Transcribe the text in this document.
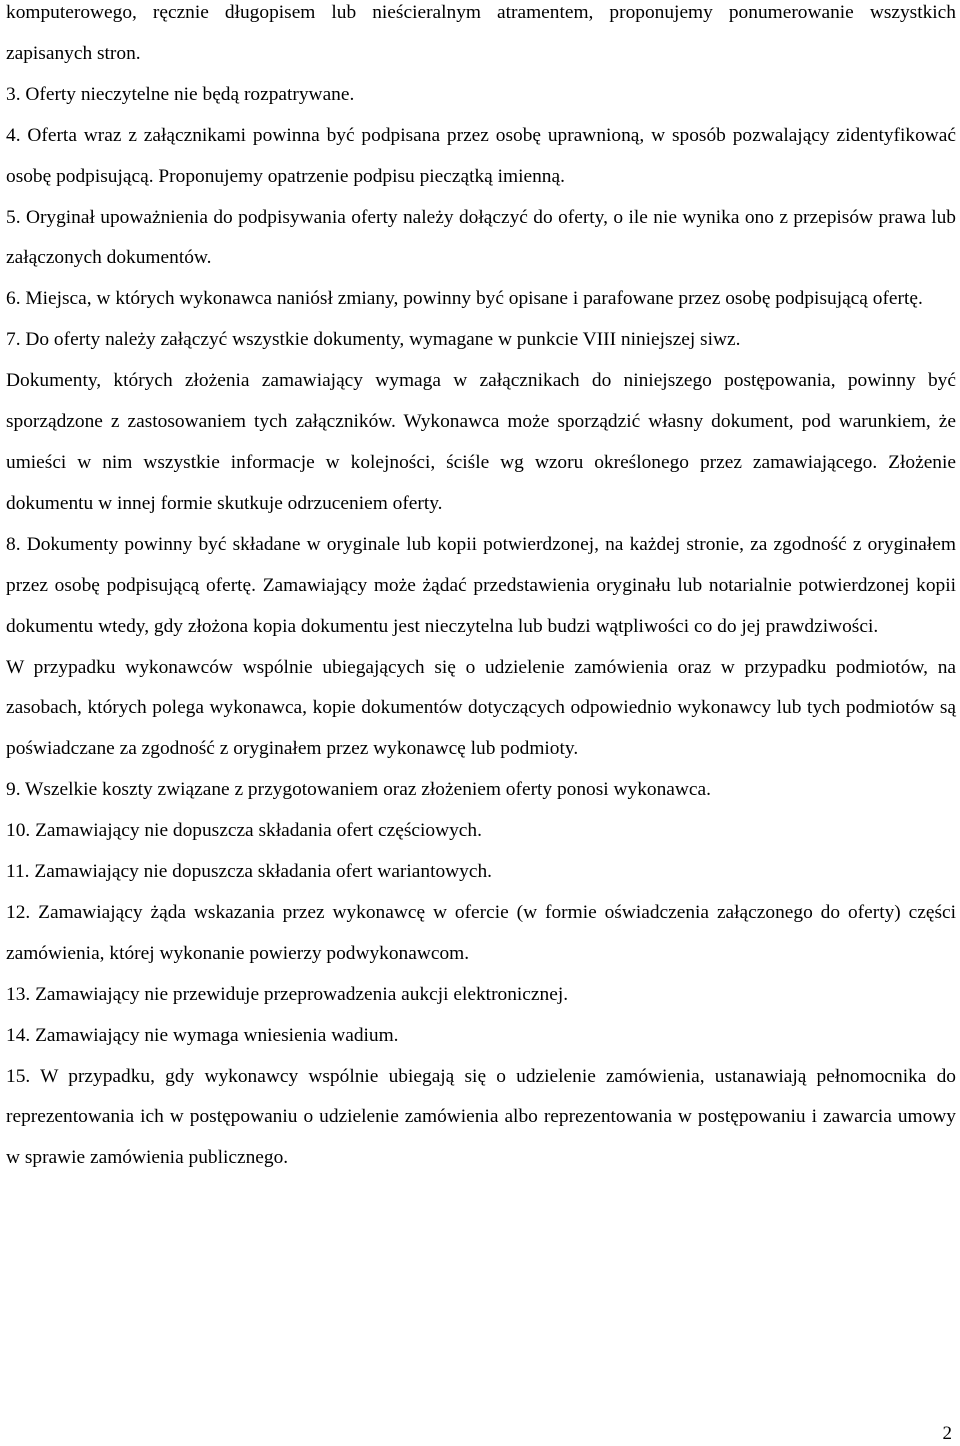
komputerowego, ręcznie długopisem lub nieścieralnym atramentem, proponujemy ponumerowanie wszystkich zapisanych stron.

3. Oferty nieczytelne nie będą rozpatrywane.

4. Oferta wraz z załącznikami powinna być podpisana przez osobę uprawnioną, w sposób pozwalający zidentyfikować osobę podpisującą. Proponujemy opatrzenie podpisu pieczątką imienną.

5. Oryginał upoważnienia do podpisywania oferty należy dołączyć do oferty, o ile nie wynika ono z przepisów prawa lub załączonych dokumentów.

6. Miejsca, w których wykonawca naniósł zmiany, powinny być opisane i parafowane przez osobę podpisującą ofertę.

7. Do oferty należy załączyć wszystkie dokumenty, wymagane w punkcie VIII niniejszej siwz.

Dokumenty, których złożenia zamawiający wymaga w załącznikach do niniejszego postępowania, powinny być sporządzone z zastosowaniem tych załączników. Wykonawca może sporządzić własny dokument, pod warunkiem, że umieści w nim wszystkie informacje w kolejności, ściśle wg wzoru określonego przez zamawiającego. Złożenie dokumentu w innej formie skutkuje odrzuceniem oferty.

8. Dokumenty powinny być składane w oryginale lub kopii potwierdzonej, na każdej stronie, za zgodność z oryginałem przez osobę podpisującą ofertę. Zamawiający może żądać przedstawienia oryginału lub notarialnie potwierdzonej kopii dokumentu wtedy, gdy złożona kopia dokumentu jest nieczytelna lub budzi wątpliwości co do jej prawdziwości.

W przypadku wykonawców wspólnie ubiegających się o udzielenie zamówienia oraz w przypadku podmiotów, na zasobach, których polega wykonawca, kopie dokumentów dotyczących odpowiednio wykonawcy lub tych podmiotów są poświadczane za zgodność z oryginałem przez wykonawcę lub podmioty.

9. Wszelkie koszty związane z przygotowaniem oraz złożeniem oferty ponosi wykonawca.

10. Zamawiający nie dopuszcza składania ofert częściowych.

11. Zamawiający nie dopuszcza składania ofert wariantowych.

12. Zamawiający żąda wskazania przez wykonawcę w ofercie (w formie oświadczenia załączonego do oferty) części zamówienia, której wykonanie powierzy podwykonawcom.

13. Zamawiający nie przewiduje przeprowadzenia aukcji elektronicznej.

14. Zamawiający nie wymaga wniesienia wadium.

15. W przypadku, gdy wykonawcy wspólnie ubiegają się o udzielenie zamówienia, ustanawiają pełnomocnika do reprezentowania ich w postępowaniu o udzielenie zamówienia albo reprezentowania w postępowaniu i zawarcia umowy w sprawie zamówienia publicznego.

2
